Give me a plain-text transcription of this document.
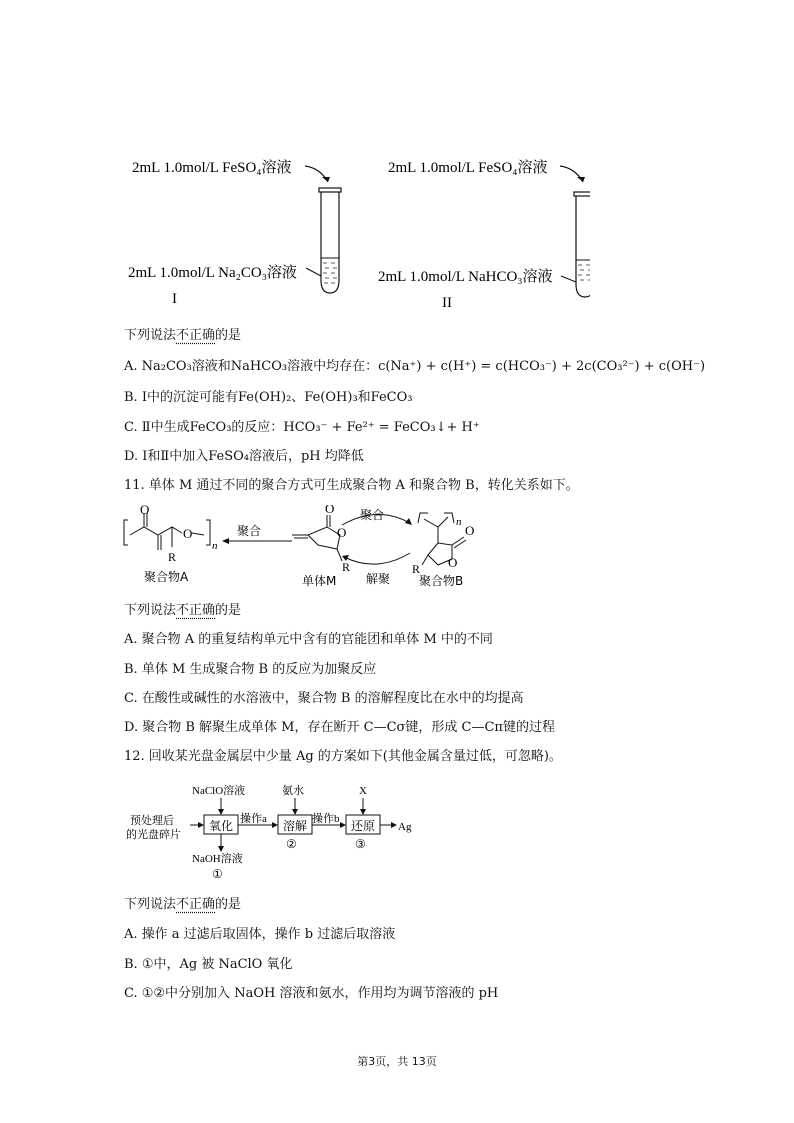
2mL 1.0mol/L FeSO₄溶液
2mL 1.0mol/L Na₂CO₃溶液
I
2mL 1.0mol/L FeSO₄溶液
2mL 1.0mol/L NaHCO₃溶液
II
下列说法不正确的是
A. Na₂CO₃溶液和NaHCO₃溶液中均存在：c(Na⁺) + c(H⁺) = c(HCO₃⁻) + 2c(CO₃²⁻) + c(OH⁻)
B. Ⅰ中的沉淀可能有Fe(OH)₂、Fe(OH)₃和FeCO₃
C. Ⅱ中生成FeCO₃的反应：HCO₃⁻ + Fe²⁺ = FeCO₃↓+ H⁺
D. Ⅰ和Ⅱ中加入FeSO₄溶液后，pH 均降低
11. 单体 M 通过不同的聚合方式可生成聚合物 A 和聚合物 B，转化关系如下。
O
O
R
n
聚合物A
聚合
O
O
R
单体M
聚合
解聚
n
O
O
R
聚合物B
下列说法不正确的是
A. 聚合物 A 的重复结构单元中含有的官能团和单体 M 中的不同
B. 单体 M 生成聚合物 B 的反应为加聚反应
C. 在酸性或碱性的水溶液中，聚合物 B 的溶解程度比在水中的均提高
D. 聚合物 B 解聚生成单体 M，存在断开 C—Cσ键，形成 C—Cπ键的过程
12. 回收某光盘金属层中少量 Ag 的方案如下(其他金属含量过低，可忽略)。
预处理后
的光盘碎片
NaClO溶液
氧化 操作a
氨水
溶解 操作b
X
还原 Ag
NaOH溶液
①
②	③
下列说法不正确的是
A. 操作 a 过滤后取固体，操作 b 过滤后取溶液
B. ①中，Ag 被 NaClO 氧化
C. ①②中分别加入 NaOH 溶液和氨水，作用均为调节溶液的 pH
第3页，共 13页
